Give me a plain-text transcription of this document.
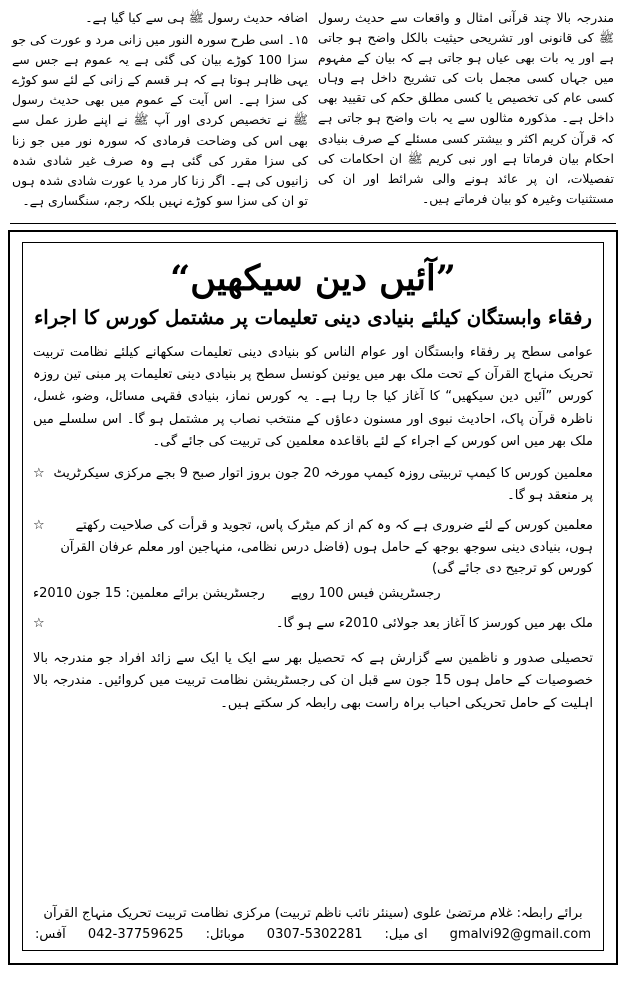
اضافہ حدیث رسول ﷺ ہی سے کیا گیا ہے۔

۱۵۔ اسی طرح سورہ النور میں زانی مرد و عورت کی جو سزا 100 کوڑے بیان کی گئی ہے یہ عموم ہے جس سے یہی ظاہر ہوتا ہے کہ ہر قسم کے زانی کے لئے سو کوڑے کی سزا ہے۔ اس آیت کے عموم میں بھی حدیث رسول ﷺ نے تخصیص کردی اور آپ ﷺ نے اپنے طرز عمل سے بھی اس کی وضاحت فرمادی کہ سورہ نور میں جو زنا کی سزا مقرر کی گئی ہے وہ صرف غیر شادی شدہ زانیوں کی ہے۔ اگر زنا کار مرد یا عورت شادی شدہ ہوں تو ان کی سزا سو کوڑے نہیں بلکہ رجم، سنگساری ہے۔

مندرجہ بالا چند قرآنی امثال و واقعات سے حدیث رسول ﷺ کی قانونی اور تشریحی حیثیت بالکل واضح ہو جاتی ہے اور یہ بات بھی عیاں ہو جاتی ہے کہ بیان کے مفہوم میں جہاں کسی مجمل بات کی تشریح داخل ہے وہاں کسی عام کی تخصیص یا کسی مطلق حکم کی تقیید بھی داخل ہے۔ مذکورہ مثالوں سے یہ بات واضح ہو جاتی ہے کہ قرآن کریم اکثر و بیشتر کسی مسئلے کے صرف بنیادی احکام بیان فرماتا ہے اور نبی کریم ﷺ ان احکامات کی تفصیلات، ان پر عائد ہونے والی شرائط اور ان کی مستثنیات وغیرہ کو بیان فرماتے ہیں۔

”آئیں دین سیکھیں“
رفقاء وابستگان کیلئے بنیادی دینی تعلیمات پر مشتمل کورس کا اجراء

عوامی سطح پر رفقاء وابستگان اور عوام الناس کو بنیادی دینی تعلیمات سکھانے کیلئے نظامت تربیت تحریک منہاج القرآن کے تحت ملک بھر میں یونین کونسل سطح پر بنیادی دینی تعلیمات پر مبنی تین روزہ کورس ”آئیں دین سیکھیں“ کا آغاز کیا جا رہا ہے۔ یہ کورس نماز، بنیادی فقہی مسائل، وضو، غسل، ناظرہ قرآن پاک، احادیث نبوی اور مسنون دعاؤں کے منتخب نصاب پر مشتمل ہو گا۔ اس سلسلے میں ملک بھر میں اس کورس کے اجراء کے لئے باقاعدہ معلمین کی تربیت کی جائے گی۔

☆ معلمین کورس کا کیمپ تربیتی روزہ کیمپ مورخہ 20 جون بروز اتوار صبح 9 بجے مرکزی سیکرٹریٹ پر منعقد ہو گا۔
☆	معلمین کورس کے لئے ضروری ہے کہ وہ کم از کم میٹرک پاس، تجوید و قرأت کی صلاحیت رکھتے ہوں، بنیادی دینی سوجھ بوجھ کے حامل ہوں (فاضل درس نظامی، منہاجین اور معلم عرفان القرآن کورس کو ترجیح دی جائے گی)
رجسٹریشن برائے معلمین: 15 جون 2010ء رجسٹریشن فیس 100 روپے
☆	ملک بھر میں کورسز کا آغاز بعد جولائی 2010ء سے ہو گا۔

تحصیلی صدور و ناظمین سے گزارش ہے کہ تحصیل بھر سے ایک یا ایک سے زائد افراد جو مندرجہ بالا خصوصیات کے حامل ہوں 15 جون سے قبل ان کی رجسٹریشن نظامت تربیت میں کروائیں۔ مندرجہ بالا اہلیت کے حامل تحریکی احباب براہ راست بھی رابطہ کر سکتے ہیں۔

برائے رابطہ: غلام مرتضیٰ علوی (سینئر نائب ناظم تربیت) مرکزی نظامت تربیت تحریک منہاج القرآن
آفس: 042-37759625 موبائل: 0307-5302281 ای میل: gmalvi92@gmail.com
